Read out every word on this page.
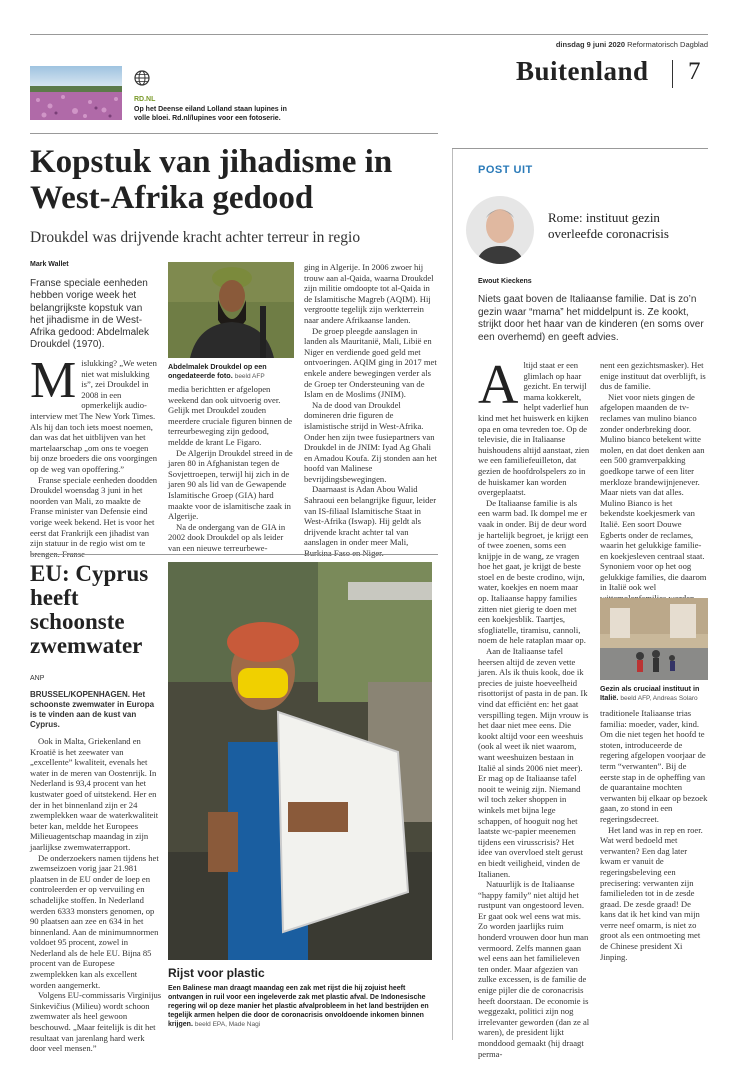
dinsdag 9 juni 2020 Reformatorisch Dagblad
Buitenland 7
RD.NL
Op het Deense eiland Lolland staan lupines in volle bloei. Rd.nl/lupines voor een fotoserie.
Kopstuk van jihadisme in
West-Afrika gedood
Droukdel was drijvende kracht achter terreur in regio
Mark Wallet
Franse speciale eenheden hebben vorige week het belangrijkste kopstuk van het jihadisme in de West-Afrika gedood: Abdelmalek Droukdel (1970).

Mislukking? „We weten niet wat mislukking is”, zei Droukdel in 2008 in een opmerkelijk audio-interview met The New York Times. Als hij dan toch iets moest noemen, dan was dat het uitblijven van het martelaarschap „om ons te voegen bij onze broeders die ons voorgingen op de weg van opoffering.”

Franse speciale eenheden doodden Droukdel woensdag 3 juni in het noorden van Mali, zo maakte de Franse minister van Defensie eind vorige week bekend. Het is voor het eerst dat Frankrijk een jihadist van zijn statuur in de regio wist om te

Abdelmalek Droukdel op een ongedateerde foto. beeld AFP

media berichtten er afgelopen weekend dan ook uitvoerig over. Gelijk met Droukdel zouden meerdere cruciale figuren binnen de terreurbeweging zijn gedood, meldde de krant Le Figaro.

De Algerijn Droukdel streed in de jaren 80 in Afghanistan tegen de Sovjettroepen, terwijl hij zich in de jaren 90 als lid van de Gewapende Islamitische Groep (GIA) hard maakte voor de islamitische zaak in Algerije.

Na de ondergang van de GIA in 2002 dook Droukdel op als leider van een nieuwe terreurbewe-

ging in Algerije. In 2006 zwoer hij trouw aan al-Qaida, waarna Droukdel zijn militie omdoopte tot al-Qaida in de Islamitische Magreb (AQIM). Hij vergrootte tegelijk zijn werkterrein naar andere Afrikaanse landen.

De groep pleegde aanslagen in landen als Mauritanië, Mali, Libië en Niger en verdiende goed geld met ontvoeringen. AQIM ging in 2017 met enkele andere bewegingen verder als de Groep ter Ondersteuning van de Islam en de Moslims (JNIM).

Na de dood van Droukdel domineren drie figuren de islamistische strijd in West-Afrika. Onder hen zijn twee fusiepartners van Droukdel in de JNIM: Iyad Ag Ghali en Amadou Koufa. Zij stonden aan het hoofd van Malinese bevrijdingsbewegingen.

Daarnaast is Adan Abou Walid Sahraoui een belangrijke figuur, leider van IS-filiaal Islamitische Staat in West-Afrika (Iswap). Hij geldt als drijvende kracht achter tal van aanslagen in onder meer Mali,

EU: Cyprus heeft schoonste zwemwater
ANP

BRUSSEL/KOPENHAGEN. Het schoonste zwemwater in Europa is te vinden aan de kust van Cyprus.

Ook in Malta, Griekenland en Kroatië is het zeewater van „excellente” kwaliteit, evenals het water in de meren van Oostenrijk. In Nederland is 93,4 procent van het kustwater goed of uitstekend. Her en der in het binnenland zijn er 24 zwemplekken waar de waterkwaliteit beter kan, meldde het Europees Milieuagentschap maandag in zijn jaarlijkse zwemwaterrapport.

De onderzoekers namen tijdens het zwemseizoen vorig jaar 21.981 plaatsen in de EU onder de loep en controleerden er op vervuiling en schadelijke stoffen. In Nederland werden 6333 monsters genomen, op 90 plaatsen aan zee en 634 in het binnenland. Aan de minimumnormen voldoet 95 procent, zowel in Nederland als de hele EU. Bijna 85 procent van de Europese zwemplekken kan als excellent worden aangemerkt.

Volgens EU-commissaris Virginijus Sinkevičius (Milieu) wordt schoon zwemwater als heel gewoon beschouwd. „Maar feitelijk is dit het resultaat van jarenlang hard werk door veel mensen.”

Rijst voor plastic
Een Balinese man draagt maandag een zak met rijst die hij zojuist heeft ontvangen in ruil voor een ingeleverde zak met plastic afval. De Indonesische regering wil op deze manier het plastic afvalprobleem in het land bestrijden en tegelijk armen helpen die door de coronacrisis onvoldoende inkomen binnen krijgen. beeld EPA, Made Nagi
POST UIT
Rome: instituut gezin overleefde coronacrisis
Ewout Kieckens
Niets gaat boven de Italiaanse familie. Dat is zo’n gezin waar “mama” het middelpunt is. Ze kookt, strijkt door het haar van de kinderen (en soms over een overhemd) en geeft advies.

Altijd staat er een glimlach op haar gezicht. En terwijl mama kokkerelt, helpt vaderlief hun kind met het huiswerk en kijken opa en oma tevreden toe. Op de televisie, die in Italiaanse huishoudens altijd aanstaat, zien we een familiefeuilleton, dat gezien de hoofdrolspelers zo in de huiskamer kan worden overgeplaatst.

De Italiaanse familie is als een warm bad. Ik dompel me er vaak in onder. Bij de deur word je hartelijk begroet, je krijgt een of twee zoenen, soms een knijpje in de wang, ze vragen hoe het gaat, je krijgt de beste stoel en de beste crodino, wijn, water, koekjes en noem maar op. Italiaanse happy families zitten niet gierig te doen met een koekjesblik. Taartjes, sfogliatelle, tiramisu, cannoli, noem de hele rataplan maar op.

Aan de Italiaanse tafel heersen altijd de zeven vette jaren. Als ik thuis kook, doe ik precies de juiste hoeveelheid risottorijst of pasta in de pan. Ik vind dat efficiënt en: het gaat verspilling tegen. Mijn vrouw is het daar niet mee eens. Die kookt altijd voor een weeshuis (ook al weet ik niet waarom, want weeshuizen bestaan in Italië al sinds 2006 niet meer). Er mag op de Italiaanse tafel nooit te weinig zijn. Niemand wil toch zeker shoppen in winkels met bijna lege schappen, of hooguit nog het laatste wc-papier meenemen tijdens een virusscrisis? Het idee van overvloed stelt gerust en biedt veiligheid, vinden de Italianen.

Natuurlijk is de Italiaanse “happy family” niet altijd het rustpunt van ongestoord leven. Er gaat ook wel eens wat mis. Zo worden jaarlijks ruim honderd vrouwen door hun man vermoord. Zelfs mannen gaan wel eens aan het familieleven ten onder. Maar afgezien van zulke excessen, is de familie de enige pijler die de coronacrisis heeft doorstaan. De economie is weggezakt, politici zijn nog irrelevanter geworden (dan ze al waren), de president lijkt monddood gemaakt (hij draagt perma-

nent een gezichtsmasker). Het enige instituut dat overblijft, is dus de familie.

Niet voor niets gingen de afgelopen maanden de tv-reclames van mulino bianco zonder onderbreking door. Mulino bianco betekent witte molen, en dat doet denken aan een 500 gramverpakking goedkope tarwe of een liter merkloze brandewijnjenever. Maar niets van dat alles. Mulino Bianco is het bekendste koekjesmerk van Italië. Een soort Douwe Egberts onder de reclames, waarin het gelukkige familie- en koekjesleven centraal staat. Synoniem voor op het oog gelukkige families, die daarom in Italië ook wel

Gezin als cruciaal instituut in Italië. beeld AFP, Andreas Solaro

traditionele Italiaanse trias familia: moeder, vader, kind. Om die niet tegen het hoofd te stoten, introduceerde de regering afgelopen voorjaar de term “verwanten”. Bij de eerste stap in de opheffing van de quarantaine mochten verwanten bij elkaar op bezoek gaan, zo stond in een regeringsdecreet.

Het land was in rep en roer. Wat werd bedoeld met verwanten? Een dag later kwam er vanuit de regeringsbeleving een precisering: verwanten zijn familieleden tot in de zesde graad. De zesde graad! De kans dat ik het kind van mijn verre neef omarm, is niet zo groot als een ontmoeting met de Chinese president Xi Jinping.
